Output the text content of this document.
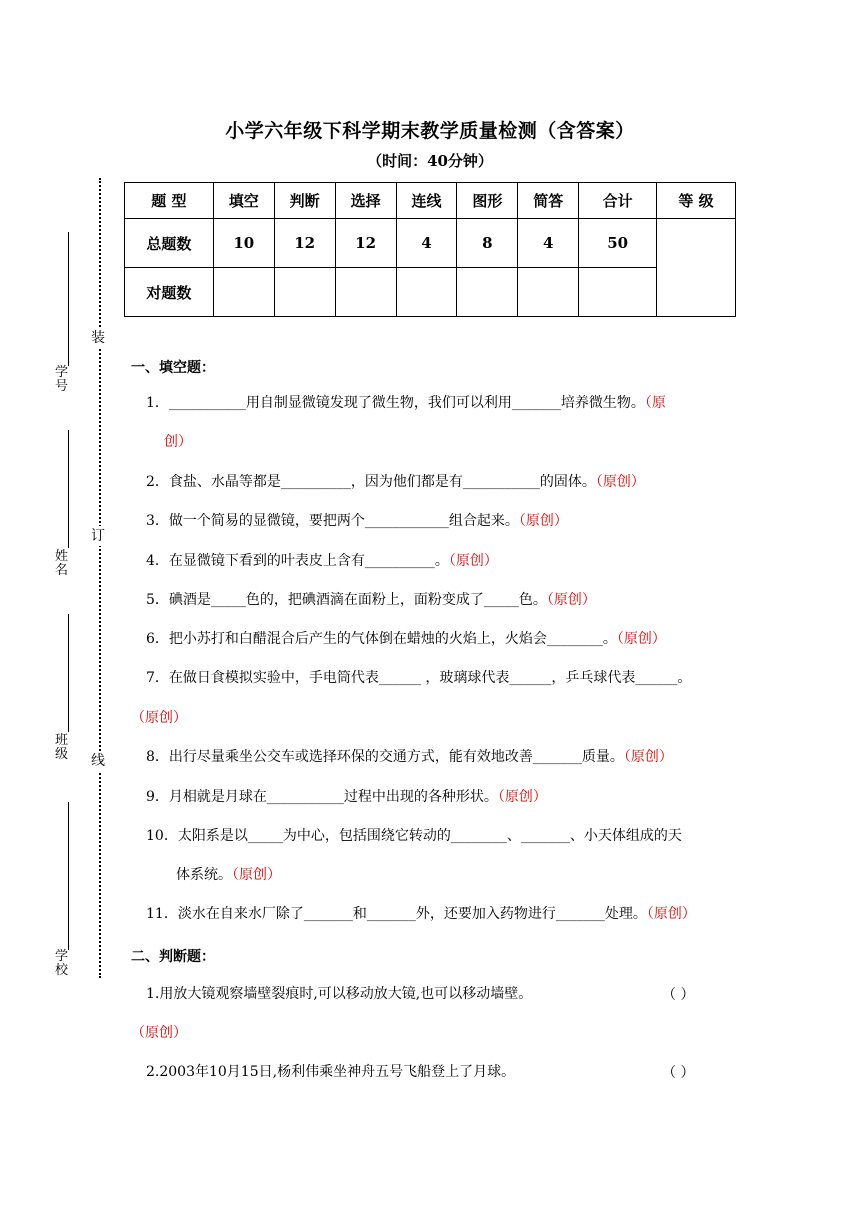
小学六年级下科学期末教学质量检测（含答案）
（时间：40分钟）
装
订
线
学号
姓名
班级
学校
题 型	填空	判断	选择	连线	图形	简答	合计	等 级
总题数	10	12	12	4	8	4	50	
对题数								
一、填空题：
1．___________用自制显微镜发现了微生物，我们可以利用_______培养微生物。（原
创）
2．食盐、水晶等都是__________，因为他们都是有___________的固体。（原创）
3．做一个简易的显微镜，要把两个____________组合起来。（原创）
4．在显微镜下看到的叶表皮上含有__________。（原创）
5．碘酒是_____色的，把碘酒滴在面粉上，面粉变成了_____色。（原创）
6．把小苏打和白醋混合后产生的气体倒在蜡烛的火焰上，火焰会________。（原创）
7．在做日食模拟实验中，手电筒代表______ ，玻璃球代表______，乒乓球代表______。
（原创）
8．出行尽量乘坐公交车或选择环保的交通方式，能有效地改善_______质量。（原创）
9．月相就是月球在___________过程中出现的各种形状。（原创）
10．太阳系是以_____为中心，包括围绕它转动的________、_______、小天体组成的天
体系统。（原创）
11．淡水在自来水厂除了_______和_______外，还要加入药物进行_______处理。（原创）
二、判断题：
1.用放大镜观察墙壁裂痕时,可以移动放大镜,也可以移动墙壁。	（ ）
（原创）
2.2003年10月15日,杨利伟乘坐神舟五号飞船登上了月球。	（ ）
